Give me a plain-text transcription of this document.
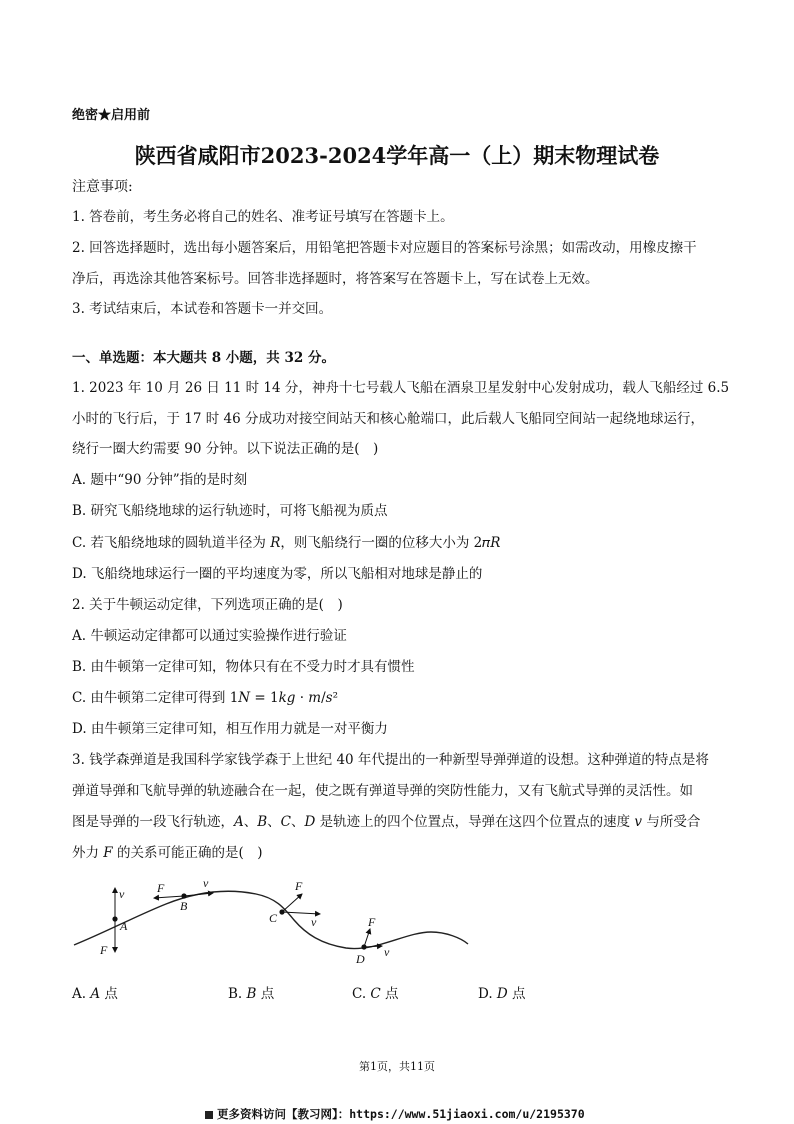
绝密★启用前
陕西省咸阳市2023-2024学年高一（上）期末物理试卷
注意事项:
1. 答卷前，考生务必将自己的姓名、准考证号填写在答题卡上。
2. 回答选择题时，选出每小题答案后，用铅笔把答题卡对应题目的答案标号涂黑；如需改动，用橡皮擦干
净后，再选涂其他答案标号。回答非选择题时，将答案写在答题卡上，写在试卷上无效。
3. 考试结束后，本试卷和答题卡一并交回。
一、单选题：本大题共 8 小题，共 32 分。
1. 2023 年 10 月 26 日 11 时 14 分，神舟十七号载人飞船在酒泉卫星发射中心发射成功，载人飞船经过 6.5
小时的飞行后，于 17 时 46 分成功对接空间站天和核心舱端口，此后载人飞船同空间站一起绕地球运行，
绕行一圈大约需要 90 分钟。以下说法正确的是(　)
A. 题中“90 分钟”指的是时刻
B. 研究飞船绕地球的运行轨迹时，可将飞船视为质点
C. 若飞船绕地球的圆轨道半径为 𝑅，则飞船绕行一圈的位移大小为 2𝜋𝑅
D. 飞船绕地球运行一圈的平均速度为零，所以飞船相对地球是静止的
2. 关于牛顿运动定律，下列选项正确的是(　)
A. 牛顿运动定律都可以通过实验操作进行验证
B. 由牛顿第一定律可知，物体只有在不受力时才具有惯性
C. 由牛顿第二定律可得到 1𝑁 = 1𝑘𝑔 · 𝑚/𝑠²
D. 由牛顿第三定律可知，相互作用力就是一对平衡力
3. 钱学森弹道是我国科学家钱学森于上世纪 40 年代提出的一种新型导弹弹道的设想。这种弹道的特点是将
弹道导弹和飞航导弹的轨迹融合在一起，使之既有弹道导弹的突防性能力，又有飞航式导弹的灵活性。如
图是导弹的一段飞行轨迹，𝐴、𝐵、𝐶、𝐷 是轨迹上的四个位置点，导弹在这四个位置点的速度 𝑣 与所受合
外力 𝐹 的关系可能正确的是(　)
v
A
F
F	v
B
F
v
C	F
v
D
A. 𝐴 点	B. 𝐵 点	C. 𝐶 点	D. 𝐷 点
第1页，共11页
更多资料访问【教习网】：https://www.51jiaoxi.com/u/2195370
